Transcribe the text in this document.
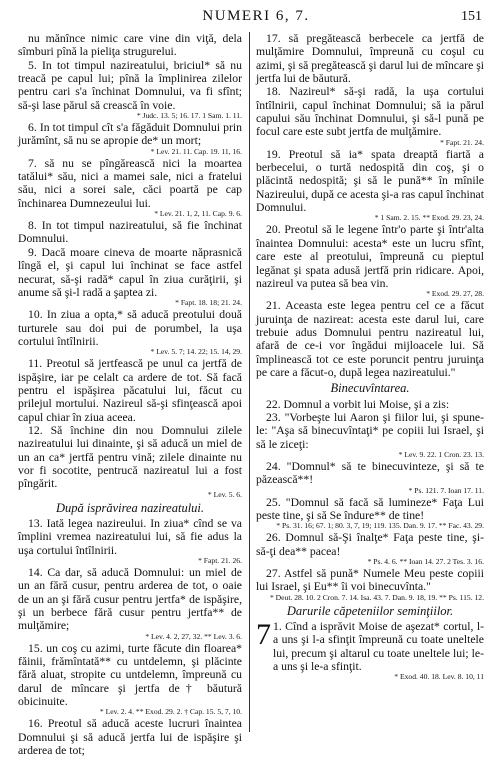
NUMERI 6, 7.	151

nu mănînce nimic care vine din viţă, dela sîmburi pînă la pieliţa strugurelui.

5. In tot timpul nazireatului, briciul* să nu treacă pe capul lui; pînă la împlinirea zilelor pentru cari s'a închinat Domnului, va fi sfînt; să-şi lase părul să crească în voie.

* Judc. 13. 5; 16. 17. 1 Sam. 1. 11.

6. In tot timpul cît s'a făgăduit Domnului prin jurămînt, să nu se apropie de* un mort;

* Lev. 21. 11. Cap. 19. 11, 16.

7. să nu se pîngărească nici la moartea tatălui* său, nici a mamei sale, nici a fratelui său, nici a sorei sale, căci poartă pe cap închinarea Dumnezeului lui.

* Lev. 21. 1, 2, 11. Cap. 9. 6.

8. In tot timpul nazireatului, să fie închinat Domnului.

9. Dacă moare cineva de moarte năprasnică lîngă el, şi capul lui închinat se face astfel necurat, să-şi radă* capul în ziua curăţirii, şi anume să şi-l radă a şaptea zi.

* Fapt. 18. 18; 21. 24.

10. In ziua a opta,* să aducă preotului două turturele sau doi pui de porumbel, la uşa cortului întîlnirii.

* Lev. 5. 7; 14. 22; 15. 14, 29.

11. Preotul să jertfească pe unul ca jertfă de ispăşire, iar pe celalt ca ardere de tot. Să facă pentru el ispăşirea păcatului lui, făcut cu prilejul mortului. Nazireul să-şi sfinţească apoi capul chiar în ziua aceea.

12. Să închine din nou Domnului zilele nazireatului lui dinainte, şi să aducă un miel de un an ca* jertfă pentru vină; zilele dinainte nu vor fi socotite, pentrucă nazireatul lui a fost pîngărit.

* Lev. 5. 6.
După isprăvirea nazireatului.

13. Iată legea nazireului. In ziua* cînd se va împlini vremea nazireatului lui, să fie adus la uşa cortului întîlnirii.

* Fapt. 21. 26.

14. Ca dar, să aducă Domnului: un miel de un an fără cusur, pentru arderea de tot, o oaie de un an şi fără cusur pentru jertfa* de ispăşire, şi un berbece fără cusur pentru jertfa** de mulţămire;

* Lev. 4. 2, 27, 32. ** Lev. 3. 6.

15. un coş cu azimi, turte făcute din floarea* făinii, frămîntată** cu untdelemn, şi plăcinte fără aluat, stropite cu untdelemn, împreună cu darul de mîncare şi jertfa de† băutură obicinuite.

* Lev. 2. 4. ** Exod. 29. 2. † Cap. 15. 5, 7, 10.

16. Preotul să aducă aceste lucruri înaintea Domnului şi să aducă jertfa lui de ispăşire şi arderea de tot;

17. să pregătească berbecele ca jertfă de mulţămire Domnului, împreună cu coşul cu azimi, şi să pregătească şi darul lui de mîncare şi jertfa lui de băutură.

18. Nazireul* să-şi radă, la uşa cortului întîlnirii, capul închinat Domnului; să ia părul capului său închinat Domnului, şi să-l pună pe focul care este subt jertfa de mulţămire.

* Fapt. 21. 24.

19. Preotul să ia* spata dreaptă fiartă a berbecelui, o turtă nedospită din coş, şi o plăcintă nedospită; şi să le pună** în mînile Nazireului, după ce acesta şi-a ras capul închinat Domnului.

* 1 Sam. 2. 15. ** Exod. 29. 23, 24.

20. Preotul să le legene într'o parte şi într'alta înaintea Domnului: acesta* este un lucru sfînt, care este al preotului, împreună cu pieptul legănat şi spata adusă jertfă prin ridicare. Apoi, nazireul va putea să bea vin.

* Exod. 29. 27, 28.

21. Aceasta este legea pentru cel ce a făcut juruinţa de nazireat: acesta este darul lui, care trebuie adus Domnului pentru nazireatul lui, afară de ce-i vor îngădui mijloacele lui. Să împlinească tot ce este poruncit pentru juruinţa pe care a făcut-o, după legea nazireatului."

Binecuvîntarea.

22. Domnul a vorbit lui Moise, şi a zis:

23. "Vorbeşte lui Aaron şi fiilor lui, şi spune-le: "Aşa să binecuvîntaţi* pe copiii lui Israel, şi să le ziceţi:

* Lev. 9. 22. 1 Cron. 23. 13.

24. "Domnul* să te binecuvinteze, şi să te păzească**!

* Ps. 121. 7. Ioan 17. 11.

25. "Domnul să facă să lumineze* Faţa Lui peste tine, şi să Se îndure** de tine!

* Ps. 31. 16; 67. 1; 80. 3, 7, 19; 119. 135. Dan. 9. 17. ** Fac. 43. 29.

26. Domnul să-Şi înalţe* Faţa peste tine, şi-să-ţi dea** pacea!

* Ps. 4. 6. ** Ioan 14. 27. 2 Tes. 3. 16.

27. Astfel să pună* Numele Meu peste copiii lui Israel, şi Eu** îi voi binecuvînta."

* Deut. 28. 10. 2 Cron. 7. 14. Isa. 43. 7. Dan. 9. 18, 19. ** Ps. 115. 12.
Darurile căpeteniilor seminţiilor.

7 1. Cînd a isprăvit Moise de aşezat* cortul, l-a uns şi l-a sfinţit împreună cu toate uneltele lui, precum şi altarul cu toate uneltele lui; le-a uns şi le-a sfinţit.

* Exod. 40. 18. Lev. 8. 10, 11
